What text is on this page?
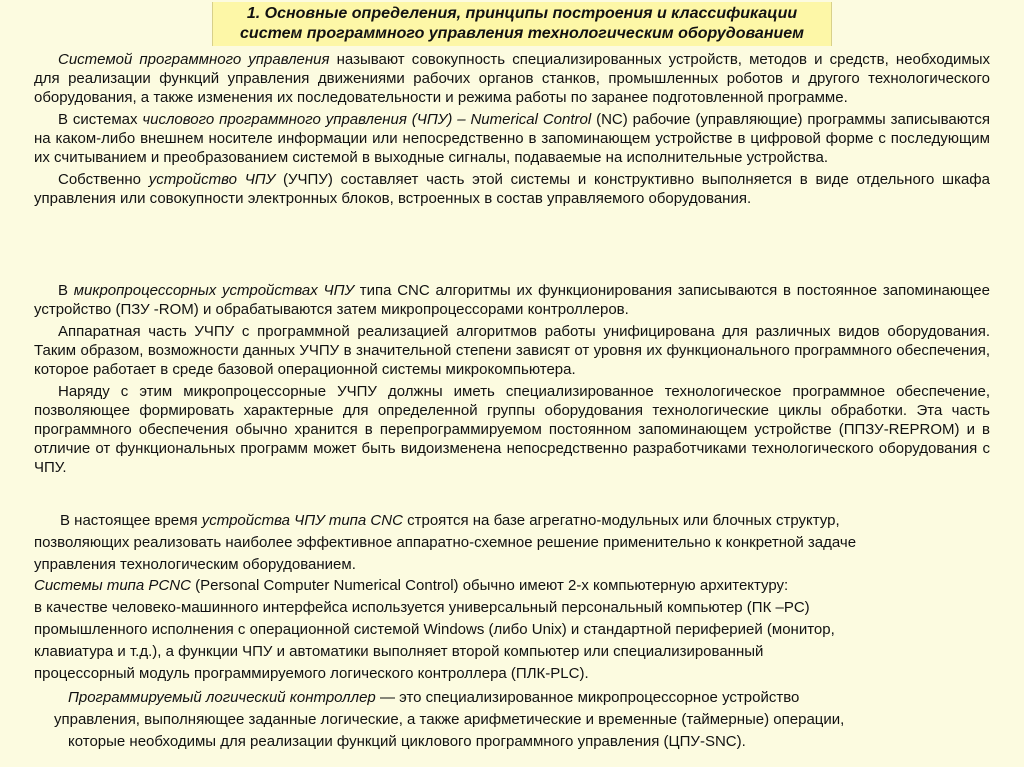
1. Основные определения, принципы построения и классификации
систем программного управления технологическим оборудованием

Системой программного управления называют совокупность специализированных устройств, методов и средств, необходимых для реализации функций управления движениями рабочих органов станков, промышленных роботов и другого технологического оборудования, а также изменения их последовательности и режима работы по заранее подготовленной программе.

В системах числового программного управления (ЧПУ) – Numerical Control (NC) рабочие (управляющие) программы записываются на каком-либо внешнем носителе информации или непосредственно в запоминающем устройстве в цифровой форме с последующим их считыванием и преобразованием системой в выходные сигналы, подаваемые на исполнительные устройства.

Собственно устройство ЧПУ (УЧПУ) составляет часть этой системы и конструктивно выполняется в виде отдельного шкафа управления или совокупности электронных блоков, встроенных в состав управляемого оборудования.

В микропроцессорных устройствах ЧПУ типа CNC алгоритмы их функционирования записываются в постоянное запоминающее устройство (ПЗУ -ROM) и обрабатываются затем микропроцессорами контроллеров.

Аппаратная часть УЧПУ с программной реализацией алгоритмов работы унифицирована для различных видов оборудования. Таким образом, возможности данных УЧПУ в значительной степени зависят от уровня их функционального программного обеспечения, которое работает в среде базовой операционной системы микрокомпьютера.

Наряду с этим микропроцессорные УЧПУ должны иметь специализированное технологическое программное обеспечение, позволяющее формировать характерные для определенной группы оборудования технологические циклы обработки. Эта часть программного обеспечения обычно хранится в перепрограммируемом постоянном запоминающем устройстве (ППЗУ-REPROM) и в отличие от функциональных программ может быть видоизменена непосредственно разработчиками технологического оборудования с ЧПУ.

В настоящее время устройства ЧПУ типа CNC строятся на базе агрегатно-модульных или блочных структур,

позволяющих реализовать наиболее эффективное аппаратно-схемное решение применительно к конкретной задаче

управления технологическим оборудованием.

Системы типа PCNC (Personal Computer Numerical Control) обычно имеют 2-х компьютерную архитектуру:

в качестве человеко-машинного интерфейса используется универсальный персональный компьютер (ПК –PC)

промышленного исполнения с операционной системой Windows (либо Unix) и стандартной периферией (монитор,

клавиатура и т.д.), а функции ЧПУ и автоматики выполняет второй компьютер или специализированный

процессорный модуль программируемого логического контроллера (ПЛК-PLC).

Программируемый логический контроллер — это специализированное микропроцессорное устройство

управления, выполняющее заданные логические, а также арифметические и временные (таймерные) операции,

которые необходимы для реализации функций циклового программного управления (ЦПУ-SNC).
